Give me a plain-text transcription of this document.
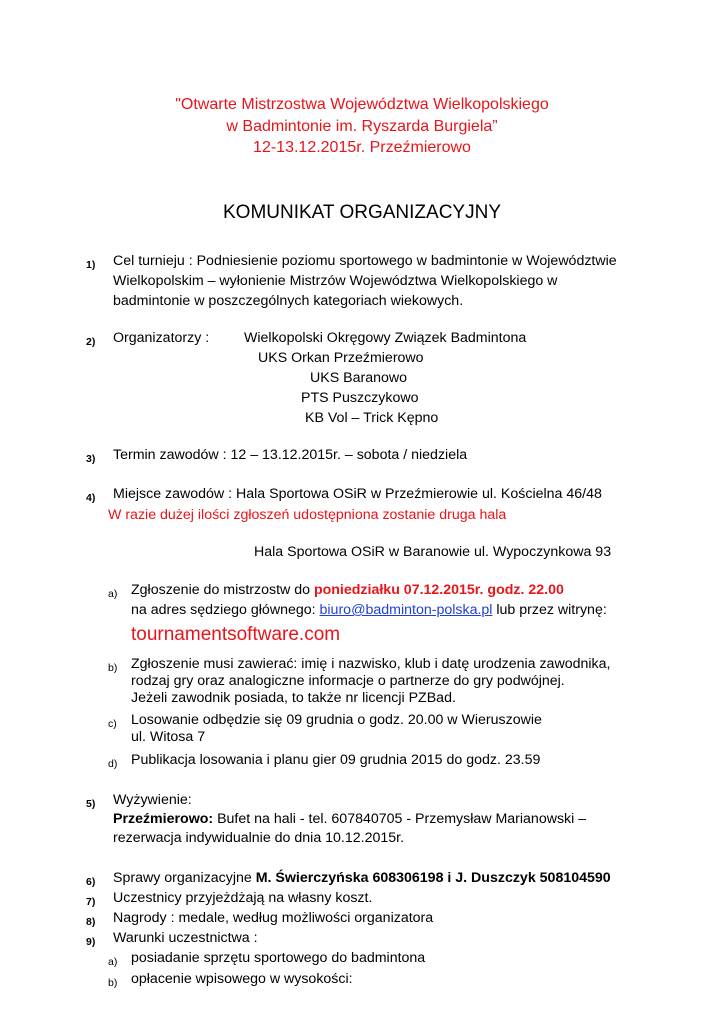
"Otwarte Mistrzostwa Województwa Wielkopolskiego
w Badmintonie im. Ryszarda Burgiela”
12-13.12.2015r. Przeźmierowo
KOMUNIKAT ORGANIZACYJNY
1) Cel turnieju : Podniesienie poziomu sportowego w badmintonie w Województwie
Wielkopolskim – wyłonienie Mistrzów Województwa Wielkopolskiego w
badmintonie w poszczególnych kategoriach wiekowych.
2) Organizatorzy : Wielkopolski Okręgowy Związek Badmintona
UKS Orkan Przeźmierowo
UKS Baranowo
PTS Puszczykowo
KB Vol – Trick Kępno
3) Termin zawodów : 12 – 13.12.2015r. – sobota / niedziela
4) Miejsce zawodów : Hala Sportowa OSiR w Przeźmierowie ul. Kościelna 46/48
W razie dużej ilości zgłoszeń udostępniona zostanie druga hala
Hala Sportowa OSiR w Baranowie ul. Wypoczynkowa 93
a) Zgłoszenie do mistrzostw do poniedziałku 07.12.2015r. godz. 22.00
na adres sędziego głównego: biuro@badminton-polska.pl lub przez witrynę:
tournamentsoftware.com
b) Zgłoszenie musi zawierać: imię i nazwisko, klub i datę urodzenia zawodnika,
rodzaj gry oraz analogiczne informacje o partnerze do gry podwójnej.
Jeżeli zawodnik posiada, to także nr licencji PZBad.
c) Losowanie odbędzie się 09 grudnia o godz. 20.00 w Wieruszowie
ul. Witosa 7
d) Publikacja losowania i planu gier 09 grudnia 2015 do godz. 23.59
5) Wyżywienie:
Przeźmierowo: Bufet na hali - tel. 607840705 - Przemysław Marianowski –
rezerwacja indywidualnie do dnia 10.12.2015r.
6) Sprawy organizacyjne M. Świerczyńska 608306198 i J. Duszczyk 508104590
7) Uczestnicy przyjeżdżają na własny koszt.
8) Nagrody : medale, według możliwości organizatora
9) Warunki uczestnictwa :
a) posiadanie sprzętu sportowego do badmintona
b) opłacenie wpisowego w wysokości:
